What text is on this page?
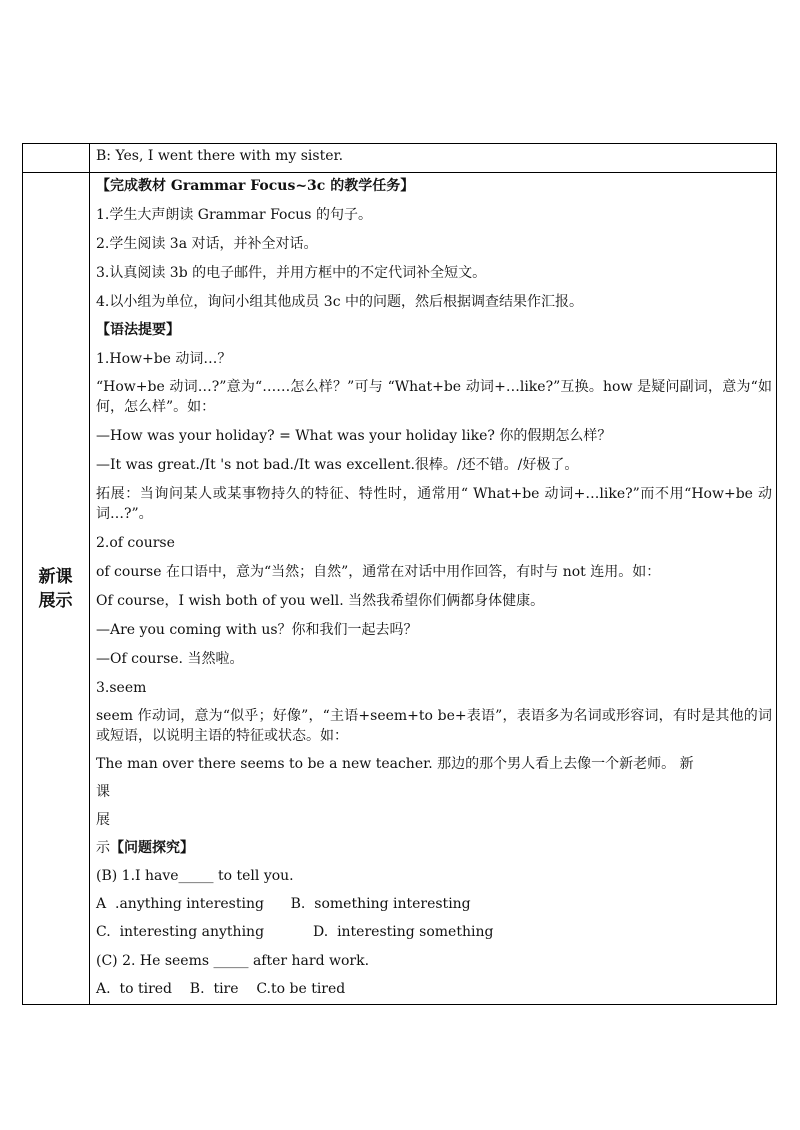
B: Yes, I went there with my sister.
新课
展示
【完成教材 Grammar Focus~3c 的教学任务】
1.学生大声朗读 Grammar Focus 的句子。
2.学生阅读 3a 对话，并补全对话。
3.认真阅读 3b 的电子邮件，并用方框中的不定代词补全短文。
4.以小组为单位，询问小组其他成员 3c 中的问题，然后根据调查结果作汇报。
【语法提要】
1.How+be 动词…？
“How+be 动词…?”意为“……怎么样？”可与 “What+be 动词+…like?”互换。how 是疑问副词，意为“如何，怎么样”。如：
—How was your holiday? = What was your holiday like? 你的假期怎么样？
—It was great./It 's not bad./It was excellent.很棒。/还不错。/好极了。
拓展：当询问某人或某事物持久的特征、特性时，通常用“ What+be 动词+…like?”而不用“How+be 动词…?”。
2.of course
of course 在口语中，意为“当然；自然”，通常在对话中用作回答，有时与 not 连用。如：
Of course，I wish both of you well. 当然我希望你们俩都身体健康。
—Are you coming with us？你和我们一起去吗？
—Of course. 当然啦。
3.seem
seem 作动词，意为“似乎；好像”，“主语+seem+to be+表语”，表语多为名词或形容词，有时是其他的词或短语，以说明主语的特征或状态。如：
The man over there seems to be a new teacher. 那边的那个男人看上去像一个新老师。 新
课
展
示【问题探究】
(B) 1.I have_____ to tell you.
A  .anything interesting      B.  something interesting
C.  interesting anything           D.  interesting something
(C) 2. He seems _____ after hard work.
A.  to tired    B.  tire    C.to be tired
